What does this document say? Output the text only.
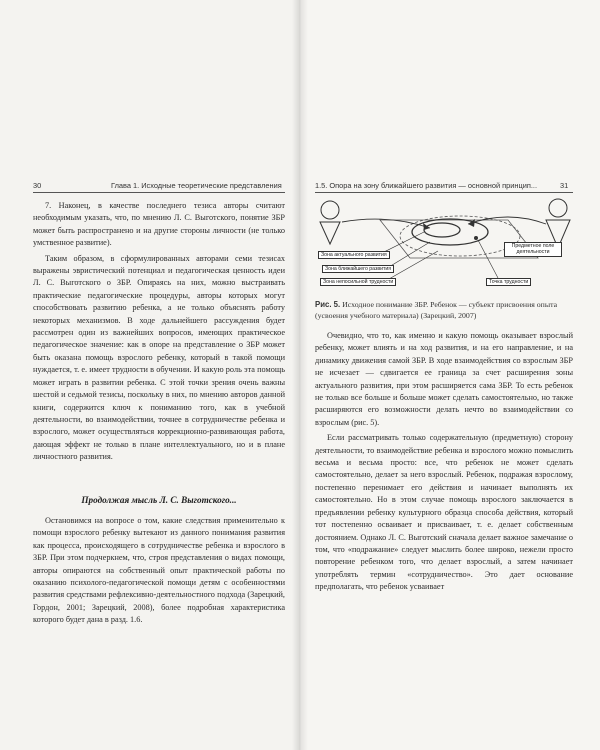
30	Глава 1. Исходные теоретические представления	1.5. Опора на зону ближайшего развития — основной принцип...	31

7. Наконец, в качестве последнего тезиса авторы считают необходимым указать, что, по мнению Л. С. Выготского, понятие ЗБР может быть распространено и на другие стороны личности (не только умственное развитие).

Таким образом, в сформулированных авторами семи тезисах выражены эвристический потенциал и педагогическая ценность идеи Л. С. Выготского о ЗБР. Опираясь на них, можно выстраивать практические педагогические процедуры, авторы которых могут способствовать развитию ребенка, а не только объяснять работу некоторых механизмов. В ходе дальнейшего рассуждения будет рассмотрен один из важнейших вопросов, имеющих практическое педагогическое значение: как в опоре на представление о ЗБР может быть оказана помощь взрослого ребенку, который в такой помощи нуждается, т. е. имеет трудности в обучении. И какую роль эта помощь может играть в развитии ребенка. С этой точки зрения очень важны шестой и седьмой тезисы, поскольку в них, по мнению авторов данной книги, содержится ключ к пониманию того, как в учебной деятельности, во взаимодействии, точнее в сотрудничестве ребенка и взрослого, может осуществляться коррекционно-развивающая работа, дающая эффект не только в плане интеллектуального, но и в плане личностного развития.

Продолжая мысль Л. С. Выготского...

Остановимся на вопросе о том, какие следствия применительно к помощи взрослого ребенку вытекают из данного понимания развития как процесса, происходящего в сотрудничестве ребенка и взрослого в ЗБР. При этом подчеркнем, что, строя представления о видах помощи, авторы опираются на собственный опыт практической работы по оказанию психолого-педагогической помощи детям с особенностями развития средствами рефлексивно-деятельностного подхода (Зарецкий, Гордон, 2001; Зарецкий, 2008), более подробная характеристика которого будет дана в разд. 1.6.

Зона актуального развития
Зона ближайшего развития
Зона непосильной трудности
Предметное поле деятельности
Точка трудности
Рис. 5. Исходное понимание ЗБР. Ребенок — субъект присвоения опыта (усвоения учебного материала) (Зарецкий, 2007)

Очевидно, что то, как именно и какую помощь оказывает взрослый ребенку, может влиять и на ход развития, и на его направление, и на динамику движения самой ЗБР. В ходе взаимодействия со взрослым ЗБР не исчезает — сдвигается ее граница за счет расширения зоны актуального развития, при этом расширяется сама ЗБР. То есть ребенок не только все больше и больше может сделать самостоятельно, но также расширяются его возможности делать нечто во взаимодействии со взрослым (рис. 5).

Если рассматривать только содержательную (предметную) сторону деятельности, то взаимодействие ребенка и взрослого можно помыслить весьма и весьма просто: все, что ребенок не может сделать самостоятельно, делает за него взрослый. Ребенок, подражая взрослому, постепенно перенимает его действия и начинает выполнять их самостоятельно. Но в этом случае помощь взрослого заключается в предъявлении ребенку культурного образца способа действия, который тот постепенно осваивает и присваивает, т. е. делает собственным достоянием. Однако Л. С. Выготский сначала делает важное замечание о том, что «подражание» следует мыслить более широко, нежели просто повторение ребенком того, что делает взрослый, а затем начинает употреблять термин «сотрудничество». Это дает основание предполагать, что ребенок усваивает
